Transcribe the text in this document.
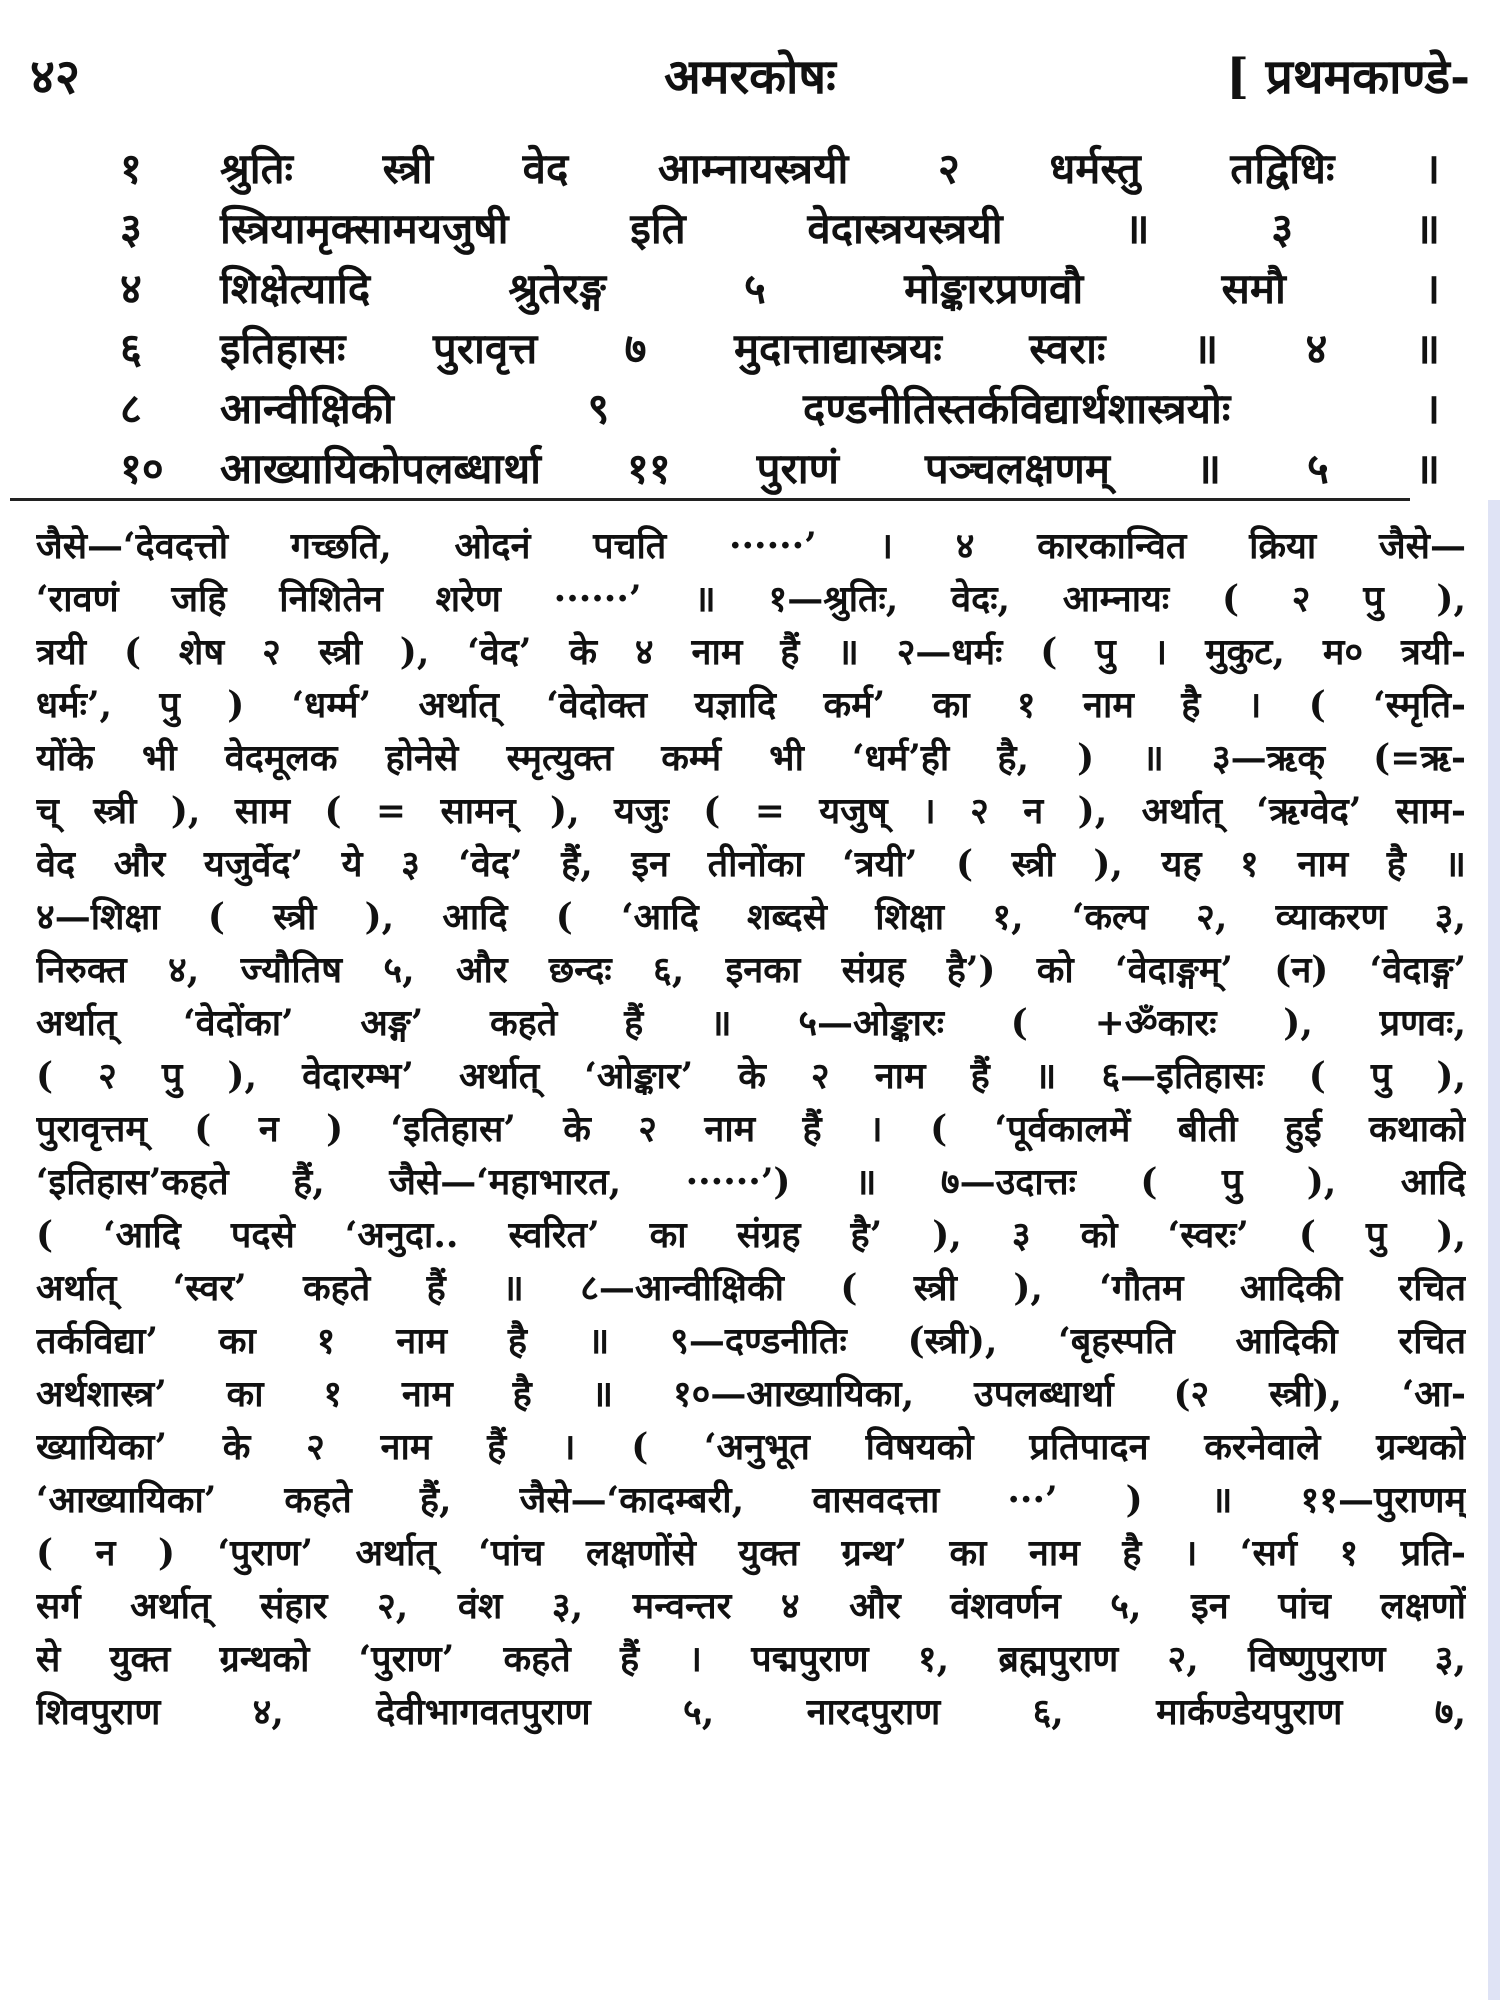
४२	अमरकोषः	[ प्रथमकाण्डे-
१	श्रुतिः स्त्री वेद आम्नायस्त्रयी २ धर्मस्तु तद्विधिः ।
३	स्त्रियामृक्सामयजुषी इति वेदास्त्रयस्त्रयी ॥ ३ ॥
४	शिक्षेत्यादि श्रुतेरङ्ग ५ मोङ्कारप्रणवौ समौ ।
६	इतिहासः पुरावृत्त ७ मुदात्ताद्यास्त्रयः स्वराः ॥ ४ ॥
८	आन्वीक्षिकी ९ दण्डनीतिस्तर्कविद्यार्थशास्त्रयोः ।
१०	आख्यायिकोपलब्धार्था ११ पुराणं पञ्चलक्षणम् ॥ ५ ॥
जैसे—‘देवदत्तो गच्छति, ओदनं पचति ······’ । ४ कारकान्वित क्रिया जैसे—
‘रावणं जहि निशितेन शरेण ······’ ॥ १—श्रुतिः, वेदः, आम्नायः ( २ पु ),
त्रयी ( शेष २ स्त्री ), ‘वेद’ के ४ नाम हैं ॥ २—धर्मः ( पु । मुकुट, म० त्रयी-
धर्मः’, पु ) ‘धर्म्म’ अर्थात् ‘वेदोक्त यज्ञादि कर्म’ का १ नाम है । ( ‘स्मृति-
योंके भी वेदमूलक होनेसे स्मृत्युक्त कर्म्म भी ‘धर्म’ही है, ) ॥ ३—ऋक् (=ऋ-
च् स्त्री ), साम ( = सामन् ), यजुः ( = यजुष् । २ न ), अर्थात् ‘ऋग्वेद’ साम-
वेद और यजुर्वेद’ ये ३ ‘वेद’ हैं, इन तीनोंका ‘त्रयी’ ( स्त्री ), यह १ नाम है ॥
४—शिक्षा ( स्त्री ), आदि ( ‘आदि शब्दसे शिक्षा १, ‘कल्प २, व्याकरण ३,
निरुक्त ४, ज्यौतिष ५, और छन्दः ६, इनका संग्रह है’) को ‘वेदाङ्गम्’ (न) ‘वेदाङ्ग’
अर्थात् ‘वेदोंका’ अङ्ग’ कहते हैं ॥ ५—ओङ्कारः ( +ॐकारः ), प्रणवः,
( २ पु ), वेदारम्भ’ अर्थात् ‘ओङ्कार’ के २ नाम हैं ॥ ६—इतिहासः ( पु ),
पुरावृत्तम् ( न ) ‘इतिहास’ के २ नाम हैं । ( ‘पूर्वकालमें बीती हुई कथाको
‘इतिहास’कहते हैं, जैसे—‘महाभारत, ······’) ॥ ७—उदात्तः ( पु ), आदि
( ‘आदि पदसे ‘अनुदा.. स्वरित’ का संग्रह है’ ), ३ को ‘स्वरः’ ( पु ),
अर्थात् ‘स्वर’ कहते हैं ॥ ८—आन्वीक्षिकी ( स्त्री ), ‘गौतम आदिकी रचित
तर्कविद्या’ का १ नाम है ॥ ९—दण्डनीतिः (स्त्री), ‘बृहस्पति आदिकी रचित
अर्थशास्त्र’ का १ नाम है ॥ १०—आख्यायिका, उपलब्धार्था (२ स्त्री), ‘आ-
ख्यायिका’ के २ नाम हैं । ( ‘अनुभूत विषयको प्रतिपादन करनेवाले ग्रन्थको
‘आख्यायिका’ कहते हैं, जैसे—‘कादम्बरी, वासवदत्ता ···’ ) ॥ ११—पुराणम्
( न ) ‘पुराण’ अर्थात् ‘पांच लक्षणोंसे युक्त ग्रन्थ’ का नाम है । ‘सर्ग १ प्रति-
सर्ग अर्थात् संहार २, वंश ३, मन्वन्तर ४ और वंशवर्णन ५, इन पांच लक्षणों
से युक्त ग्रन्थको ‘पुराण’ कहते हैं । पद्मपुराण १, ब्रह्मपुराण २, विष्णुपुराण ३,
शिवपुराण ४, देवीभागवतपुराण ५, नारदपुराण ६, मार्कण्डेयपुराण ७,
